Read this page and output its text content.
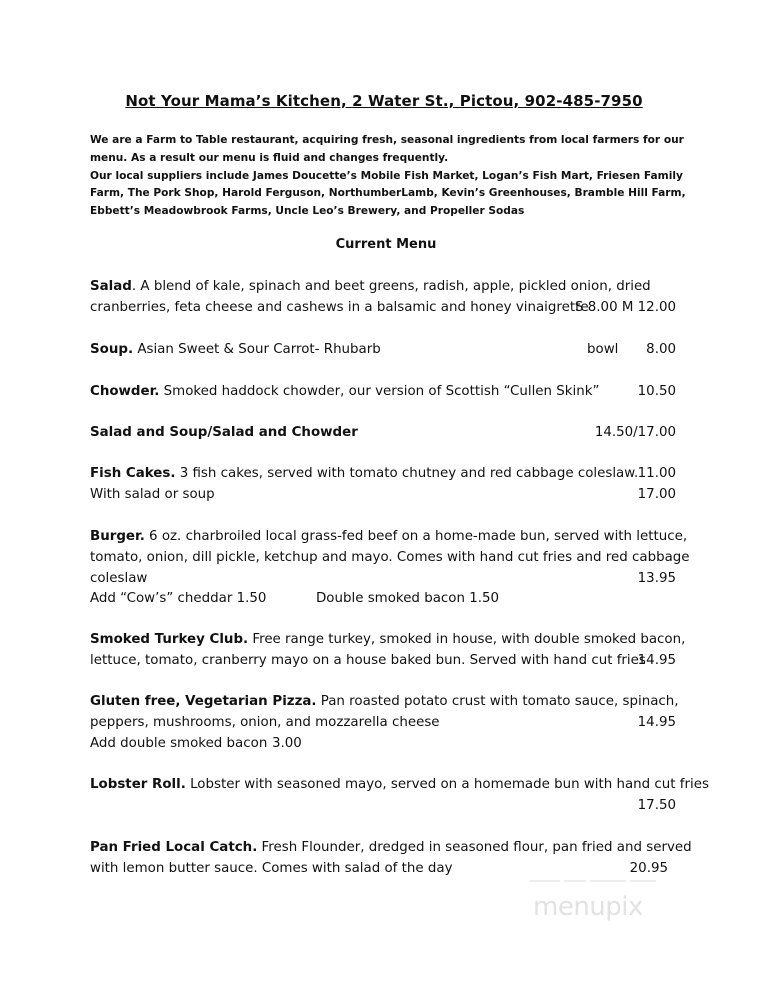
Not Your Mama’s Kitchen, 2 Water St., Pictou, 902-485-7950
We are a Farm to Table restaurant, acquiring fresh, seasonal ingredients from local farmers for our
menu. As a result our menu is fluid and changes frequently.
Our local suppliers include James Doucette’s Mobile Fish Market, Logan’s Fish Mart, Friesen Family
Farm, The Pork Shop, Harold Ferguson, NorthumberLamb, Kevin’s Greenhouses, Bramble Hill Farm,
Ebbett’s Meadowbrook Farms, Uncle Leo’s Brewery, and Propeller Sodas
Current Menu
Salad. A blend of kale, spinach and beet greens, radish, apple, pickled onion, dried
cranberries, feta cheese and cashews in a balsamic and honey vinaigrette
S 8.00 M 12.00
Soup. Asian Sweet & Sour Carrot- Rhubarb	bowl 8.00
Chowder. Smoked haddock chowder, our version of Scottish “Cullen Skink”	10.50
Salad and Soup/Salad and Chowder	14.50/17.00
Fish Cakes. 3 fish cakes, served with tomato chutney and red cabbage coleslaw. 11.00
With salad or soup	17.00
Burger. 6 oz. charbroiled local grass-fed beef on a home-made bun, served with lettuce,
tomato, onion, dill pickle, ketchup and mayo. Comes with hand cut fries and red cabbage
coleslaw	13.95
Add “Cow’s” cheddar 1.50	Double smoked bacon 1.50
Smoked Turkey Club. Free range turkey, smoked in house, with double smoked bacon,
lettuce, tomato, cranberry mayo on a house baked bun. Served with hand cut fries
14.95
Gluten free, Vegetarian Pizza. Pan roasted potato crust with tomato sauce, spinach,
peppers, mushrooms, onion, and mozzarella cheese	14.95
Add double smoked bacon 3.00
Lobster Roll. Lobster with seasoned mayo, served on a homemade bun with hand cut fries
17.50
Pan Fried Local Catch. Fresh Flounder, dredged in seasoned flour, pan fried and served
with lemon butter sauce. Comes with salad of the day	20.95
menupix
